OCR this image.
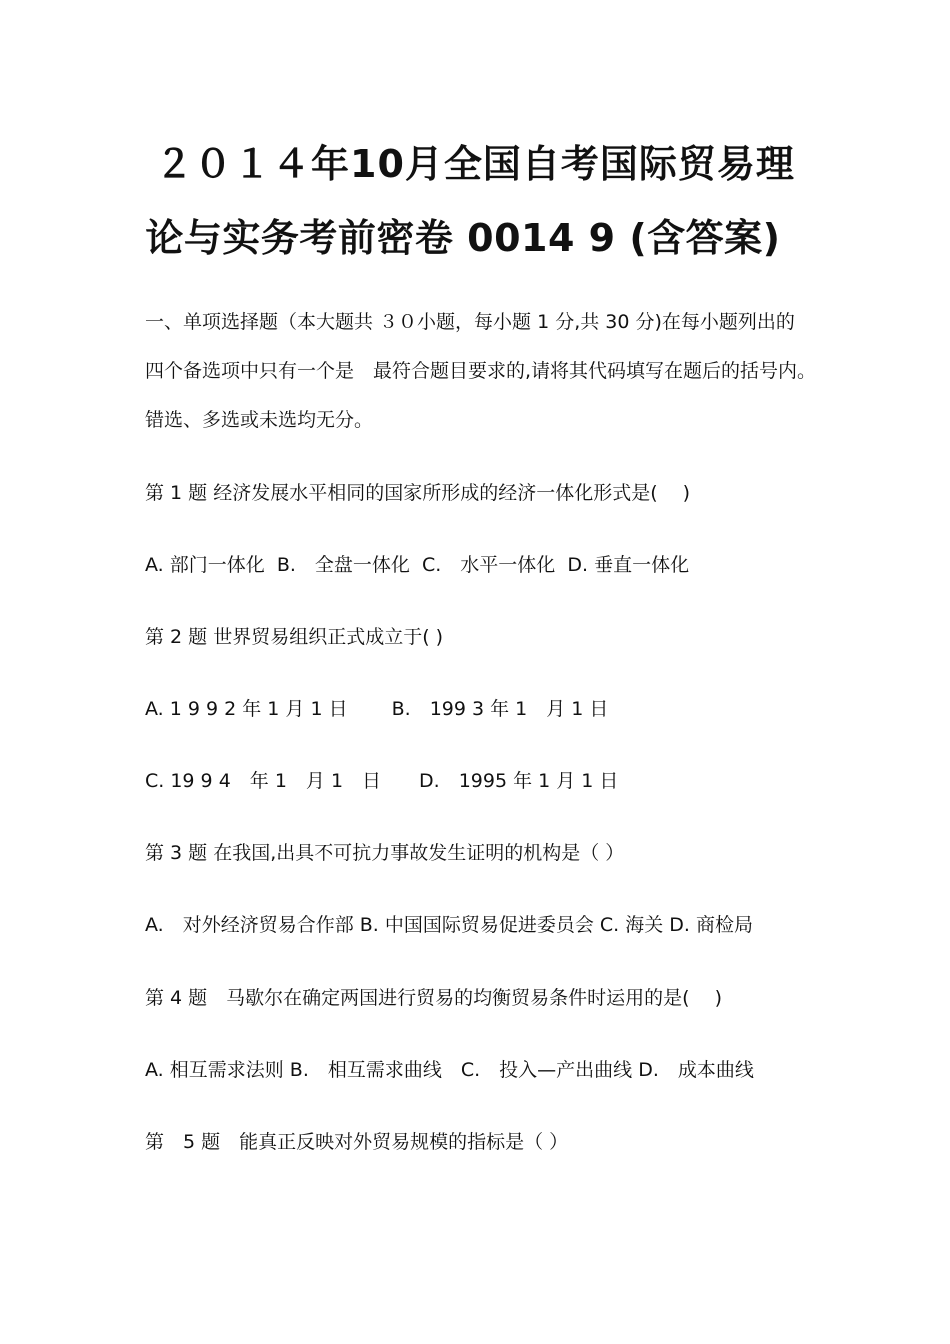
２０１４年10月全国自考国际贸易理
论与实务考前密卷 0014 9 (含答案)
一、单项选择题（本大题共 ３０小题，每小题 1 分,共 30 分)在每小题列出的
四个备选项中只有一个是　最符合题目要求的,请将其代码填写在题后的括号内。
错选、多选或未选均无分。
第 1 题 经济发展水平相同的国家所形成的经济一体化形式是(　 )
A. 部门一体化  B.　全盘一体化  C.　水平一体化  D. 垂直一体化
第 2 题 世界贸易组织正式成立于( )
A. 1 9 9 2 年 1 月 1 日　　 B.　199 3 年 1　月 1 日
C. 19 9 4　年 1　月 1　日　　D.　1995 年 1 月 1 日
第 3 题 在我国,出具不可抗力事故发生证明的机构是（ ）
A.　对外经济贸易合作部 B. 中国国际贸易促进委员会 C. 海关 D. 商检局
第 4 题　马歇尔在确定两国进行贸易的均衡贸易条件时运用的是(　 )
A. 相互需求法则 B.　相互需求曲线　C.　投入—产出曲线 D.　成本曲线
第　5 题　能真正反映对外贸易规模的指标是（ ）
